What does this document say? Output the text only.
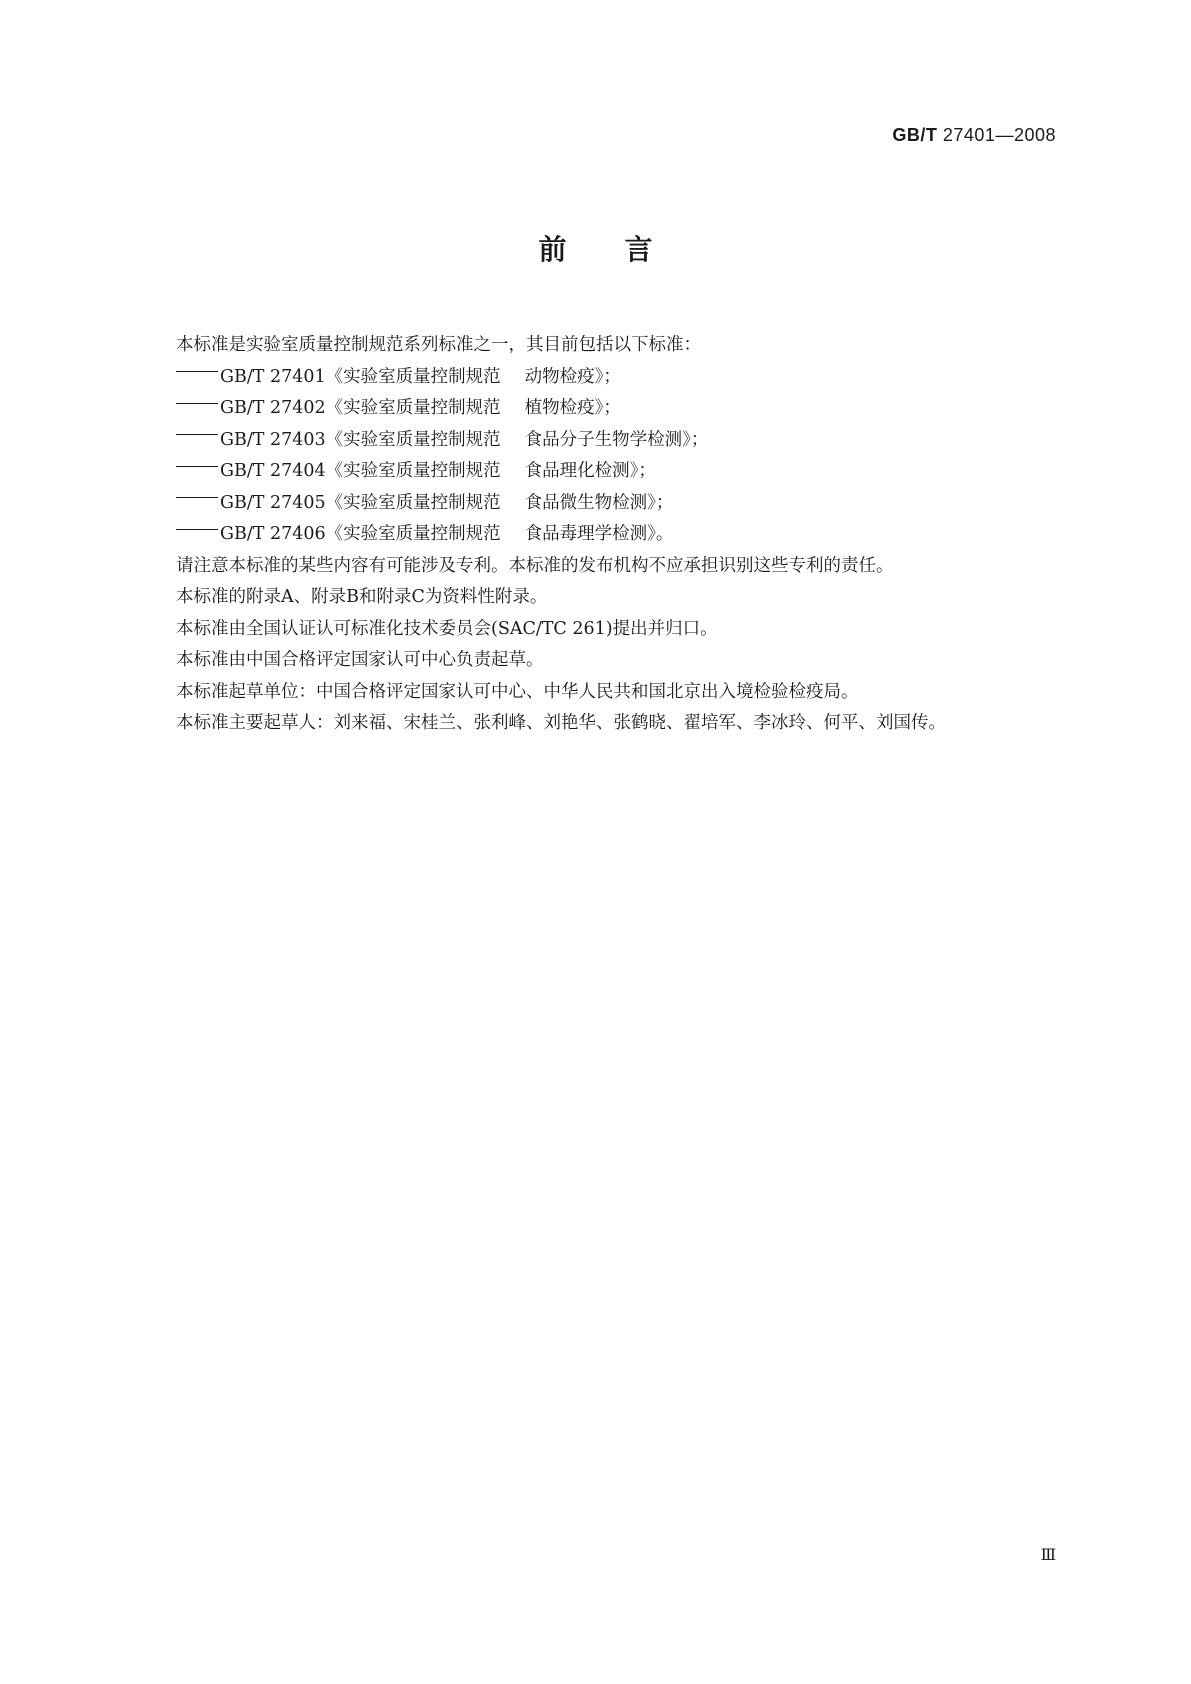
GB/T 27401—2008
前言
本标准是实验室质量控制规范系列标准之一，其目前包括以下标准：
GB/T 27401《实验室质量控制规范 动物检疫》；
GB/T 27402《实验室质量控制规范 植物检疫》；
GB/T 27403《实验室质量控制规范 食品分子生物学检测》；
GB/T 27404《实验室质量控制规范 食品理化检测》；
GB/T 27405《实验室质量控制规范 食品微生物检测》；
GB/T 27406《实验室质量控制规范 食品毒理学检测》。
请注意本标准的某些内容有可能涉及专利。本标准的发布机构不应承担识别这些专利的责任。
本标准的附录A、附录B和附录C为资料性附录。
本标准由全国认证认可标准化技术委员会(SAC/TC 261)提出并归口。
本标准由中国合格评定国家认可中心负责起草。
本标准起草单位：中国合格评定国家认可中心、中华人民共和国北京出入境检验检疫局。
本标准主要起草人：刘来福、宋桂兰、张利峰、刘艳华、张鹤晓、翟培军、李冰玲、何平、刘国传。
Ⅲ
